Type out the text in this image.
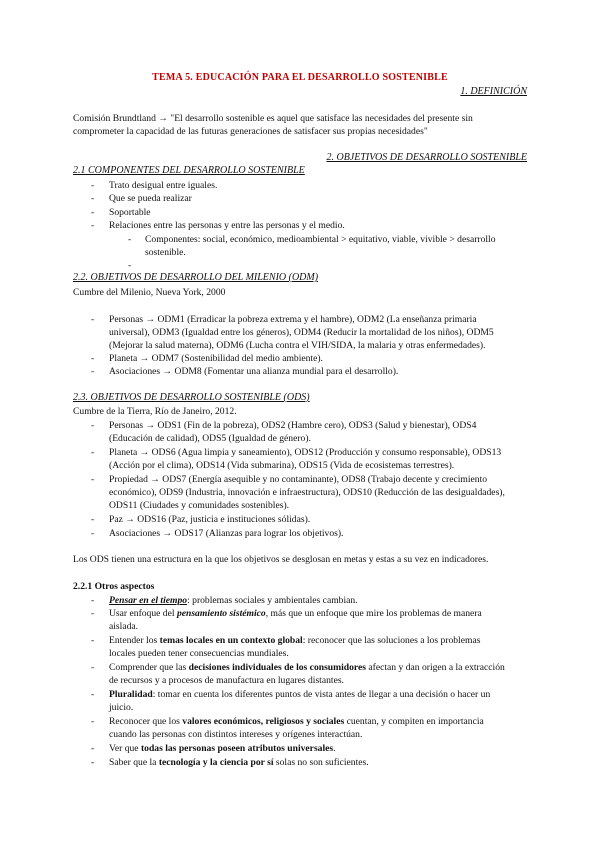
TEMA 5. EDUCACIÓN PARA EL DESARROLLO SOSTENIBLE
1. DEFINICIÓN
Comisión Brundtland → "El desarrollo sostenible es aquel que satisface las necesidades del presente sin
comprometer la capacidad de las futuras generaciones de satisfacer sus propias necesidades"
2. OBJETIVOS DE DESARROLLO SOSTENIBLE
2.1 COMPONENTES DEL DESARROLLO SOSTENIBLE
- Trato desigual entre iguales.
- Que se pueda realizar
- Soportable
- Relaciones entre las personas y entre las personas y el medio.
- Componentes: social, económico, medioambiental > equitativo, viable, vivible > desarrollo
sostenible.
-
2.2. OBJETIVOS DE DESARROLLO DEL MILENIO (ODM)
Cumbre del Milenio, Nueva York, 2000
- Personas → ODM1 (Erradicar la pobreza extrema y el hambre), ODM2 (La enseñanza primaria
universal), ODM3 (Igualdad entre los géneros), ODM4 (Reducir la mortalidad de los niños), ODM5
(Mejorar la salud materna), ODM6 (Lucha contra el VIH/SIDA, la malaria y otras enfermedades).
- Planeta → ODM7 (Sostenibilidad del medio ambiente).
- Asociaciones → ODM8 (Fomentar una alianza mundial para el desarrollo).
2.3. OBJETIVOS DE DESARROLLO SOSTENIBLE (ODS)
Cumbre de la Tierra, Río de Janeiro, 2012.
- Personas → ODS1 (Fin de la pobreza), ODS2 (Hambre cero), ODS3 (Salud y bienestar), ODS4
(Educación de calidad), ODS5 (Igualdad de género).
- Planeta → ODS6 (Agua limpia y saneamiento), ODS12 (Producción y consumo responsable), ODS13
(Acción por el clima), ODS14 (Vida submarina), ODS15 (Vida de ecosistemas terrestres).
- Propiedad → ODS7 (Energía asequible y no contaminante), ODS8 (Trabajo decente y crecimiento
económico), ODS9 (Industria, innovación e infraestructura), ODS10 (Reducción de las desigualdades),
ODS11 (Ciudades y comunidades sostenibles).
- Paz → ODS16 (Paz, justicia e instituciones sólidas).
- Asociaciones → ODS17 (Alianzas para lograr los objetivos).
Los ODS tienen una estructura en la que los objetivos se desglosan en metas y estas a su vez en indicadores.
2.2.1 Otros aspectos
- Pensar en el tiempo: problemas sociales y ambientales cambian.
- Usar enfoque del pensamiento sistémico, más que un enfoque que mire los problemas de manera
aislada.
- Entender los temas locales en un contexto global: reconocer que las soluciones a los problemas
locales pueden tener consecuencias mundiales.
- Comprender que las decisiones individuales de los consumidores afectan y dan origen a la extracción
de recursos y a procesos de manufactura en lugares distantes.
- Pluralidad: tomar en cuenta los diferentes puntos de vista antes de llegar a una decisión o hacer un
juicio.
- Reconocer que los valores económicos, religiosos y sociales cuentan, y compiten en importancia
cuando las personas con distintos intereses y orígenes interactúan.
- Ver que todas las personas poseen atributos universales.
- Saber que la tecnología y la ciencia por sí solas no son suficientes.
